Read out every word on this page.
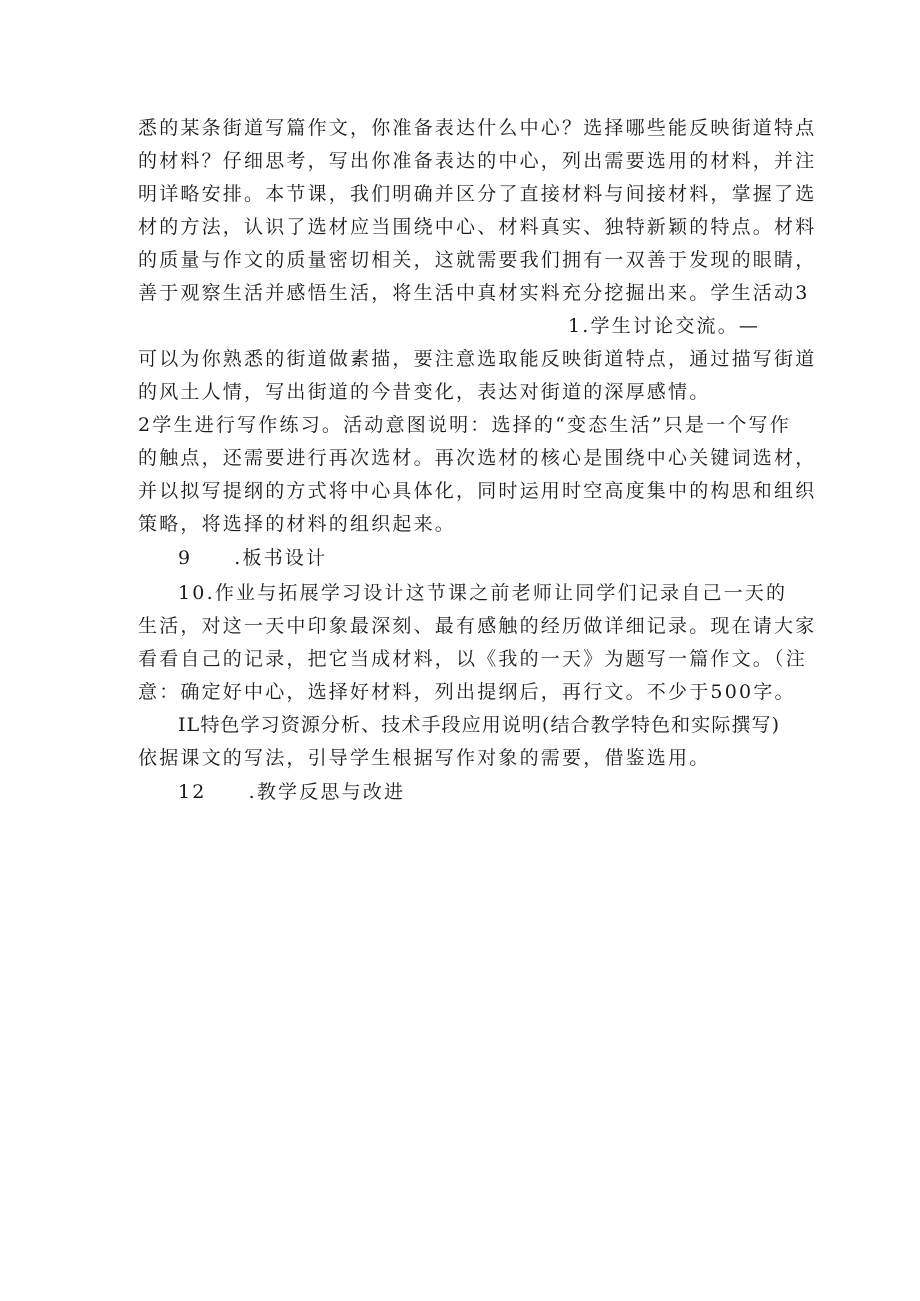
悉的某条街道写篇作文，你准备表达什么中心？选择哪些能反映街道特点
的材料？仔细思考，写出你准备表达的中心，列出需要选用的材料，并注
明详略安排。本节课，我们明确并区分了直接材料与间接材料，掌握了选
材的方法，认识了选材应当围绕中心、材料真实、独特新颖的特点。材料
的质量与作文的质量密切相关，这就需要我们拥有一双善于发现的眼睛，
善于观察生活并感悟生活，将生活中真材实料充分挖掘出来。学生活动3
1.学生讨论交流。—
可以为你熟悉的街道做素描，要注意选取能反映街道特点，通过描写街道
的风土人情，写出街道的今昔变化，表达对街道的深厚感情。
2学生进行写作练习。活动意图说明：选择的“变态生活”只是一个写作
的触点，还需要进行再次选材。再次选材的核心是围绕中心关键词选材，
并以拟写提纲的方式将中心具体化，同时运用时空高度集中的构思和组织
策略，将选择的材料的组织起来。
9 .板书设计
10.作业与拓展学习设计这节课之前老师让同学们记录自己一天的
生活，对这一天中印象最深刻、最有感触的经历做详细记录。现在请大家
看看自己的记录，把它当成材料，以《我的一天》为题写一篇作文。（注
意：确定好中心，选择好材料，列出提纲后，再行文。不少于500字。
IL特色学习资源分析、技术手段应用说明(结合教学特色和实际撰写)
依据课文的写法，引导学生根据写作对象的需要，借鉴选用。
12 .教学反思与改进
